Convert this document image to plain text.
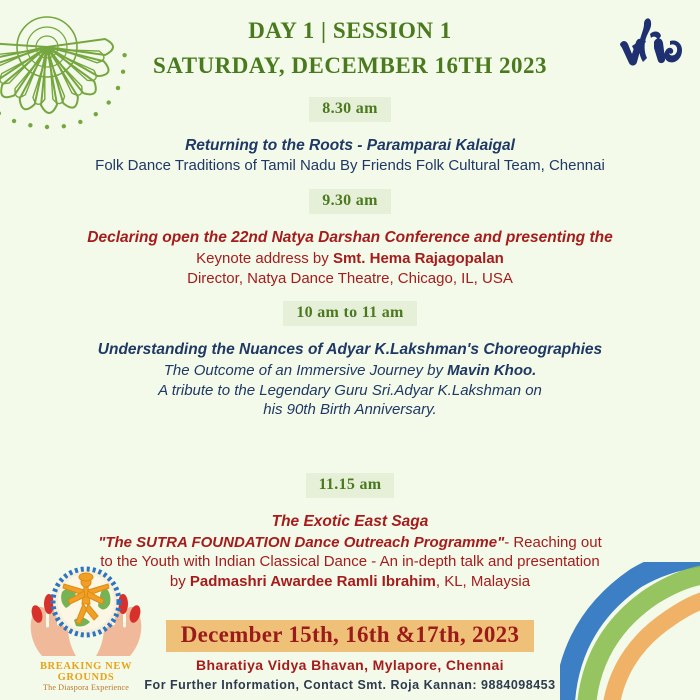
BREAKING NEW GROUNDS
The Diaspora Experience
DAY 1 | SESSION 1
SATURDAY, DECEMBER 16TH 2023
8.30 am
Returning to the Roots - Paramparai Kalaigal
Folk Dance Traditions of Tamil Nadu By Friends Folk Cultural Team, Chennai
9.30 am
Declaring open the 22nd Natya Darshan Conference and presenting the
Keynote address by Smt. Hema Rajagopalan
Director, Natya Dance Theatre, Chicago, IL, USA
10 am to 11 am
Understanding the Nuances of Adyar K.Lakshman's Choreographies
The Outcome of an Immersive Journey by Mavin Khoo.
A tribute to the Legendary Guru Sri.Adyar K.Lakshman on
his 90th Birth Anniversary.
11.15 am
The Exotic East Saga
"The SUTRA FOUNDATION Dance Outreach Programme"- Reaching out
to the Youth with Indian Classical Dance - An in-depth talk and presentation
by Padmashri Awardee Ramli Ibrahim, KL, Malaysia
December 15th, 16th &17th, 2023
Bharatiya Vidya Bhavan, Mylapore, Chennai
For Further Information, Contact Smt. Roja Kannan: 9884098453
